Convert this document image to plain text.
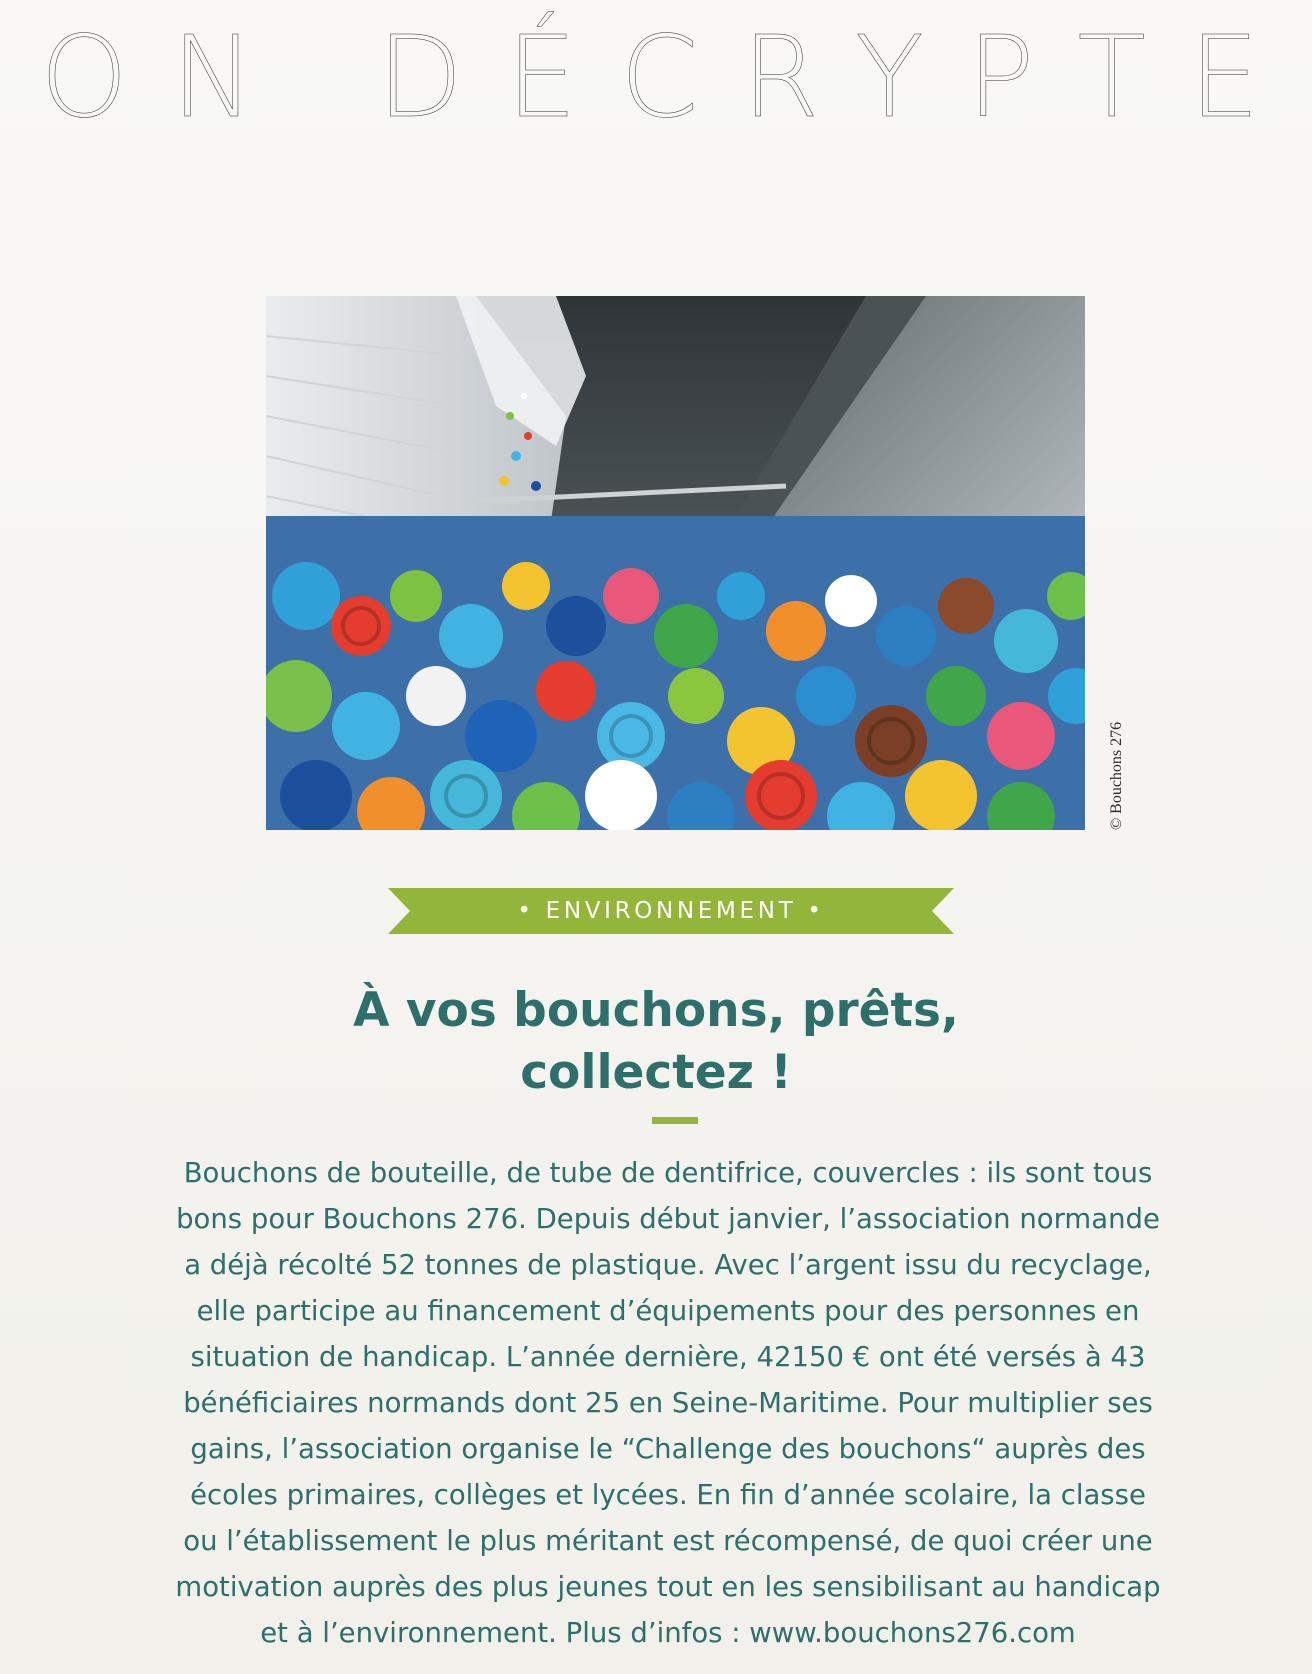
ON DÉCRYPTE
© Bouchons 276
• ENVIRONNEMENT •
À vos bouchons, prêts,
collectez !

Bouchons de bouteille, de tube de dentifrice, couvercles : ils sont tous
bons pour Bouchons 276. Depuis début janvier, l’association normande
a déjà récolté 52 tonnes de plastique. Avec l’argent issu du recyclage,
elle participe au financement d’équipements pour des personnes en
situation de handicap. L’année dernière, 42150 € ont été versés à 43
bénéficiaires normands dont 25 en Seine-Maritime. Pour multiplier ses
gains, l’association organise le “Challenge des bouchons“ auprès des
écoles primaires, collèges et lycées. En fin d’année scolaire, la classe
ou l’établissement le plus méritant est récompensé, de quoi créer une
motivation auprès des plus jeunes tout en les sensibilisant au handicap
et à l’environnement. Plus d’infos : www.bouchons276.com
